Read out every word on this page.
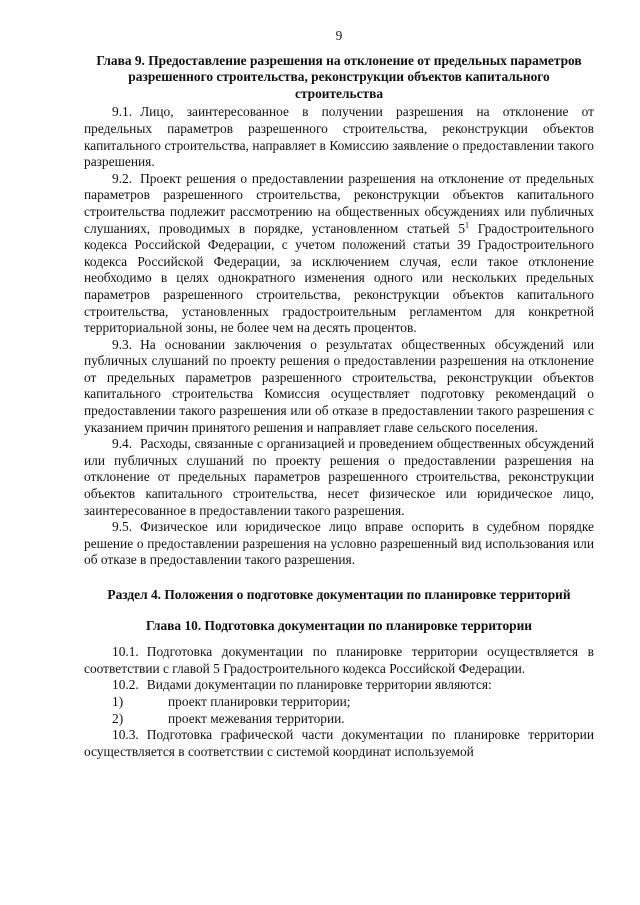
9
Глава 9. Предоставление разрешения на отклонение от предельных параметров разрешенного строительства, реконструкции объектов капитального строительства

9.1. Лицо, заинтересованное в получении разрешения на отклонение от предельных параметров разрешенного строительства, реконструкции объектов капитального строительства, направляет в Комиссию заявление о предоставлении такого разрешения.

9.2. Проект решения о предоставлении разрешения на отклонение от предельных параметров разрешенного строительства, реконструкции объектов капитального строительства подлежит рассмотрению на общественных обсуждениях или публичных слушаниях, проводимых в порядке, установленном статьей $5^1$ Градостроительного кодекса Российской Федерации, с учетом положений статьи 39 Градостроительного кодекса Российской Федерации, за исключением случая, если такое отклонение необходимо в целях однократного изменения одного или нескольких предельных параметров разрешенного строительства, реконструкции объектов капитального строительства, установленных градостроительным регламентом для конкретной территориальной зоны, не более чем на десять процентов.

9.3. На основании заключения о результатах общественных обсуждений или публичных слушаний по проекту решения о предоставлении разрешения на отклонение от предельных параметров разрешенного строительства, реконструкции объектов капитального строительства Комиссия осуществляет подготовку рекомендаций о предоставлении такого разрешения или об отказе в предоставлении такого разрешения с указанием причин принятого решения и направляет главе сельского поселения.

9.4. Расходы, связанные с организацией и проведением общественных обсуждений или публичных слушаний по проекту решения о предоставлении разрешения на отклонение от предельных параметров разрешенного строительства, реконструкции объектов капитального строительства, несет физическое или юридическое лицо, заинтересованное в предоставлении такого разрешения.

9.5. Физическое или юридическое лицо вправе оспорить в судебном порядке решение о предоставлении разрешения на условно разрешенный вид использования или об отказе в предоставлении такого разрешения.

Раздел 4. Положения о подготовке документации по планировке территорий
Глава 10. Подготовка документации по планировке территории

10.1. Подготовка документации по планировке территории осуществляется в соответствии с главой 5 Градостроительного кодекса Российской Федерации.

10.2. Видами документации по планировке территории являются:

1)	проект планировки территории;
2)	проект межевания территории.

10.3. Подготовка графической части документации по планировке территории осуществляется в соответствии с системой координат используемой
